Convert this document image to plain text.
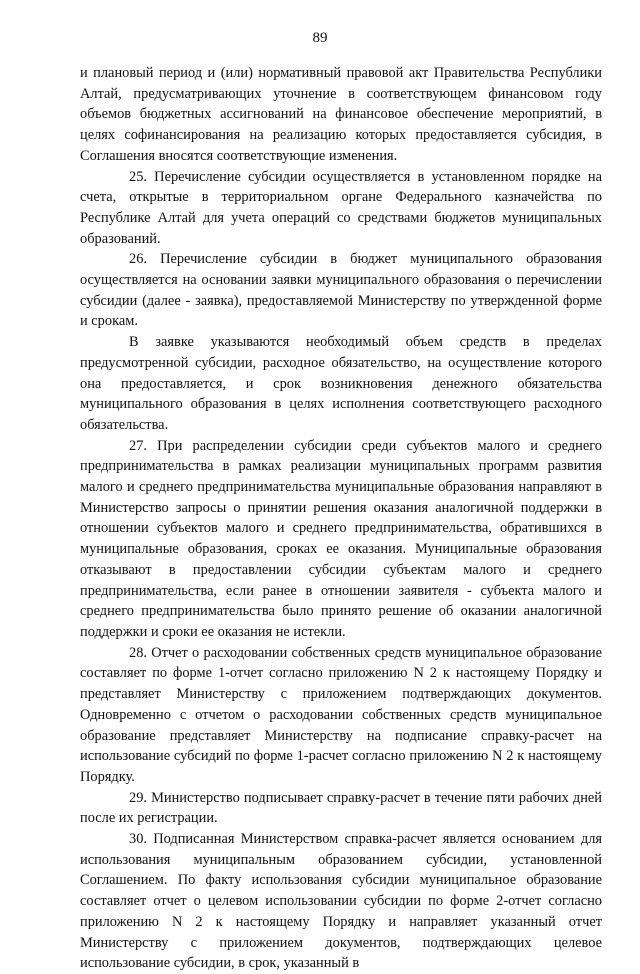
89

и плановый период и (или) нормативный правовой акт Правительства Республики Алтай, предусматривающих уточнение в соответствующем финансовом году объемов бюджетных ассигнований на финансовое обеспечение мероприятий, в целях софинансирования на реализацию которых предоставляется субсидия, в Соглашения вносятся соответствующие изменения.

25. Перечисление субсидии осуществляется в установленном порядке на счета, открытые в территориальном органе Федерального казначейства по Республике Алтай для учета операций со средствами бюджетов муниципальных образований.

26. Перечисление субсидии в бюджет муниципального образования осуществляется на основании заявки муниципального образования о перечислении субсидии (далее - заявка), предоставляемой Министерству по утвержденной форме и срокам.

В заявке указываются необходимый объем средств в пределах предусмотренной субсидии, расходное обязательство, на осуществление которого она предоставляется, и срок возникновения денежного обязательства муниципального образования в целях исполнения соответствующего расходного обязательства.

27. При распределении субсидии среди субъектов малого и среднего предпринимательства в рамках реализации муниципальных программ развития малого и среднего предпринимательства муниципальные образования направляют в Министерство запросы о принятии решения оказания аналогичной поддержки в отношении субъектов малого и среднего предпринимательства, обратившихся в муниципальные образования, сроках ее оказания. Муниципальные образования отказывают в предоставлении субсидии субъектам малого и среднего предпринимательства, если ранее в отношении заявителя - субъекта малого и среднего предпринимательства было принято решение об оказании аналогичной поддержки и сроки ее оказания не истекли.

28. Отчет о расходовании собственных средств муниципальное образование составляет по форме 1-отчет согласно приложению N 2 к настоящему Порядку и представляет Министерству с приложением подтверждающих документов. Одновременно с отчетом о расходовании собственных средств муниципальное образование представляет Министерству на подписание справку-расчет на использование субсидий по форме 1-расчет согласно приложению N 2 к настоящему Порядку.

29. Министерство подписывает справку-расчет в течение пяти рабочих дней после их регистрации.

30. Подписанная Министерством справка-расчет является основанием для использования муниципальным образованием субсидии, установленной Соглашением. По факту использования субсидии муниципальное образование составляет отчет о целевом использовании субсидии по форме 2-отчет согласно приложению N 2 к настоящему Порядку и направляет указанный отчет Министерству с приложением документов, подтверждающих целевое использование субсидии, в срок, указанный в
